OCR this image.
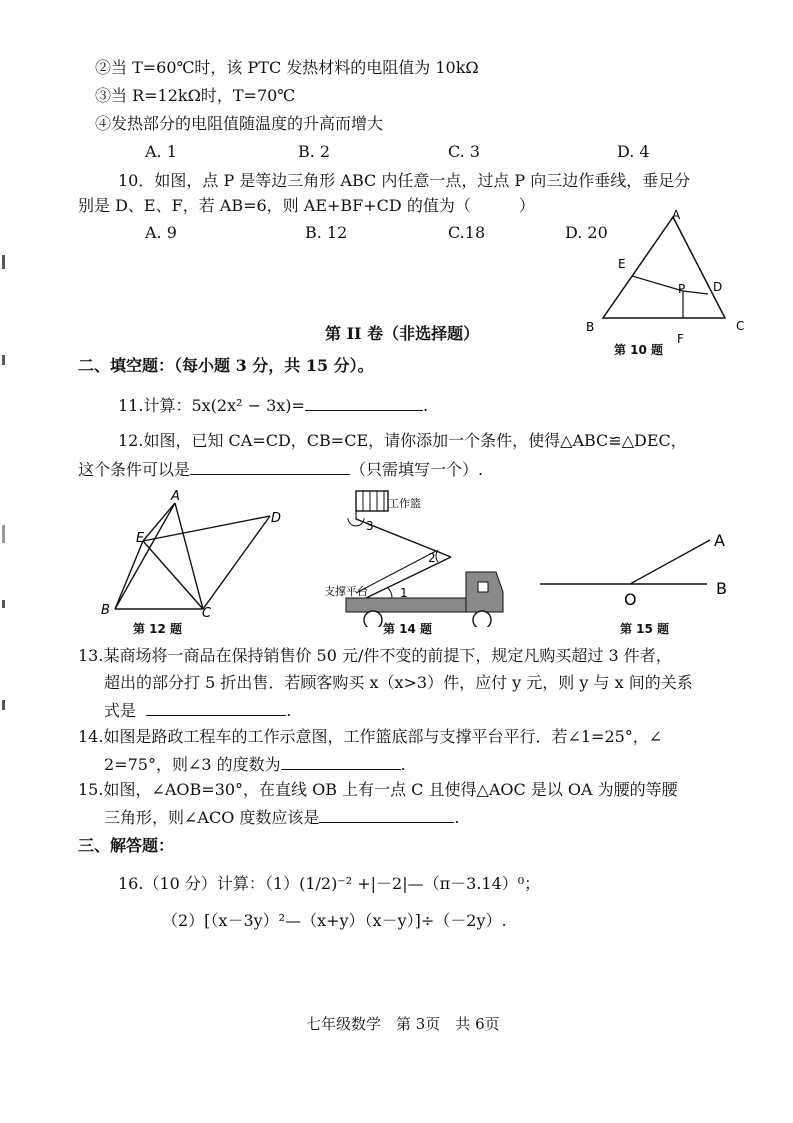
②当 T=60℃时，该 PTC 发热材料的电阻值为 10kΩ
③当 R=12kΩ时，T=70℃
④发热部分的电阻值随温度的升高而增大
A. 1	B. 2	C. 3	D. 4
10．如图，点 P 是等边三角形 ABC 内任意一点，过点 P 向三边作垂线，垂足分
别是 D、E、F，若 AB=6，则 AE+BF+CD 的值为（　　　）
A. 9	B. 12	C.18	D. 20
A
E
P D
B
F
C
第 10 题
第 II 卷（非选择题）
二、填空题：（每小题 3 分，共 15 分）。
11.计算：5x(2x² − 3x)=	.
12.如图，已知 CA=CD，CB=CE，请你添加一个条件，使得△ABC≌△DEC，
这个条件可以是	（只需填写一个）.
A
D
E
B	C
第 12 题
工作篮
支撑平台
3
2
1
第 14 题
A
O
B
第 15 题
13.某商场将一商品在保持销售价 50 元/件不变的前提下，规定凡购买超过 3 件者，
超出的部分打 5 折出售．若顾客购买 x（x>3）件，应付 y 元，则 y 与 x 间的关系
式是	.
14.如图是路政工程车的工作示意图，工作篮底部与支撑平台平行．若∠1=25°，∠
2=75°，则∠3 的度数为	.
15.如图，∠AOB=30°，在直线 OB 上有一点 C 且使得△AOC 是以 OA 为腰的等腰
三角形，则∠ACO 度数应该是	.
三、解答题：
16.（10 分）计算：（1）(1/2)⁻² +|－2|—（π－3.14）⁰；
（2）[（x－3y）²—（x+y）（x－y）]÷（－2y）.
七年级数学　第 3页　共 6页
